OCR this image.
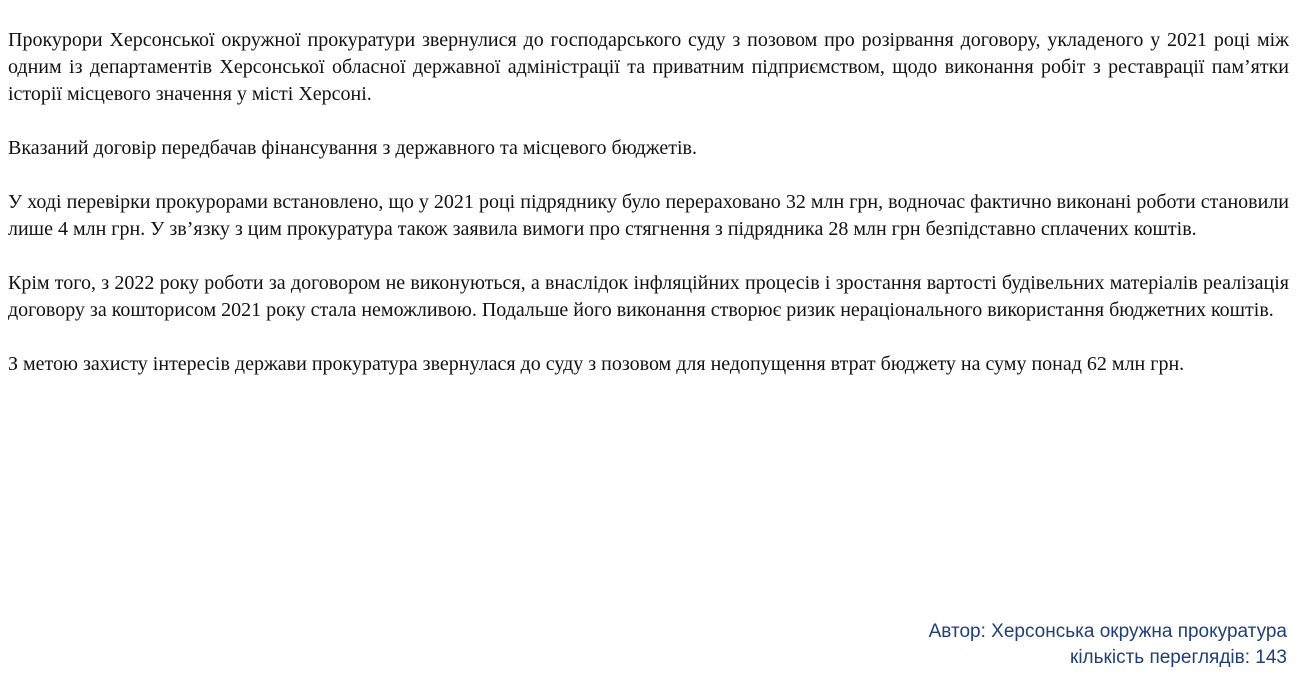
Прокурори Херсонської окружної прокуратури звернулися до господарського суду з позовом про розірвання договору, укладеного у 2021 році між одним із департаментів Херсонської обласної державної адміністрації та приватним підприємством, щодо виконання робіт з реставрації пам’ятки історії місцевого значення у місті Херсоні.

Вказаний договір передбачав фінансування з державного та місцевого бюджетів.

У ході перевірки прокурорами встановлено, що у 2021 році підряднику було перераховано 32 млн грн, водночас фактично виконані роботи становили лише 4 млн грн. У зв’язку з цим прокуратура також заявила вимоги про стягнення з підрядника 28 млн грн безпідставно сплачених коштів.

Крім того, з 2022 року роботи за договором не виконуються, а внаслідок інфляційних процесів і зростання вартості будівельних матеріалів реалізація договору за кошторисом 2021 року стала неможливою. Подальше його виконання створює ризик нераціонального використання бюджетних коштів.

З метою захисту інтересів держави прокуратура звернулася до суду з позовом для недопущення втрат бюджету на суму понад 62 млн грн.

Автор: Херсонська окружна прокуратура
кількість переглядів: 143
